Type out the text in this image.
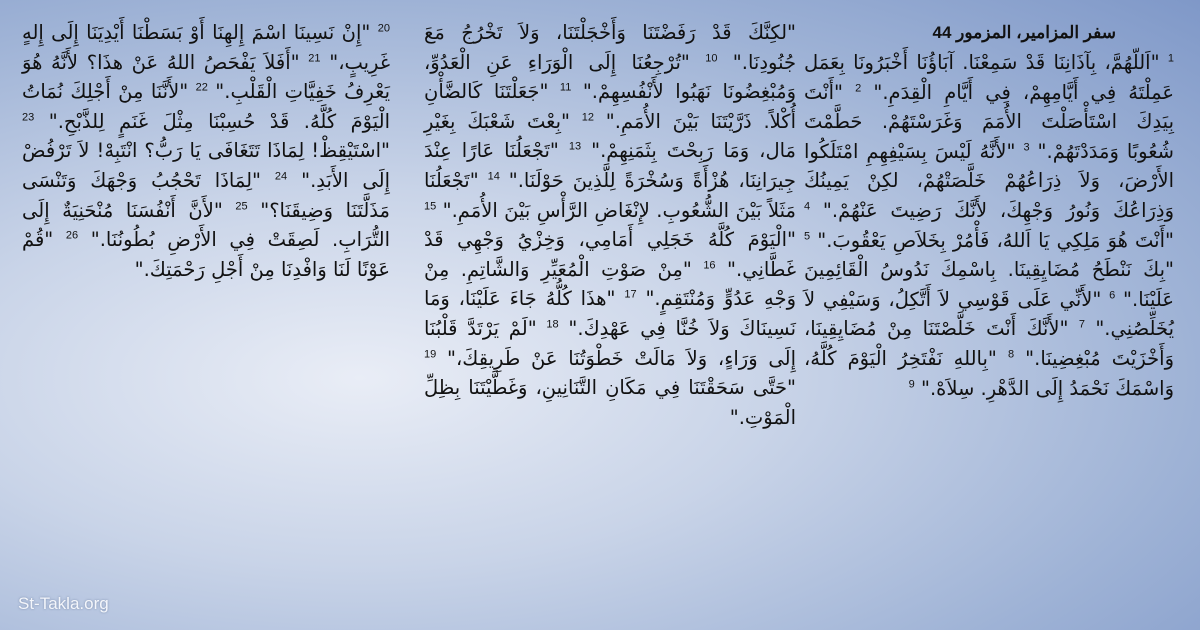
سفر المزامير، المزمور 44
$^1$ "اَللّهُمَّ، بِآذَانِنَا قَدْ سَمِعْنَا. آبَاؤُنَا أَخْبَرُونَا بِعَمَل عَمِلْتَهُ فِي أَيَّامِهِمْ، فِي أَيَّامِ الْقِدَمِ." $^2$ "أَنْتَ بِيَدِكَ اسْتَأْصَلْتَ الأُمَمَ وَغَرَسْتَهُمْ. حَطَّمْتَ شُعُوبًا وَمَدَدْتَهُمْ." $^3$ "لأَنَّهُ لَيْسَ بِسَيْفِهِمِ امْتَلَكُوا الأَرْضَ، وَلاَ ذِرَاعُهُمْ خَلَّصَتْهُمْ، لكِنْ يَمِينُكَ وَذِرَاعُكَ وَنُورُ وَجْهِكَ، لأَنَّكَ رَضِيتَ عَنْهُمْ." $^4$ "أَنْتَ هُوَ مَلِكِي يَا اَللهُ، فَأْمُرْ بِخَلاَصِ يَعْقُوبَ." $^5$ "بِكَ نَنْطَحُ مُضَايِقِينَا. بِاسْمِكَ نَدُوسُ الْقَائِمِينَ عَلَيْنَا." $^6$ "لأَنِّي عَلَى قَوْسِي لاَ أَتَّكِلُ، وَسَيْفِي لاَ يُخَلِّصُنِي." $^7$ "لأَنَّكَ أَنْتَ خَلَّصْتَنَا مِنْ مُضَايِقِينَا، وَأَخْزَيْتَ مُبْغِضِينَا." $^8$ "بِاللهِ نَفْتَخِرُ الْيَوْمَ كُلَّهُ، وَاسْمَكَ نَحْمَدُ إِلَى الدَّهْرِ. سِلاَهْ." $^9$
"لكِنَّكَ قَدْ رَفَضْتَنَا وَأَخْجَلْتَنَا، وَلاَ تَخْرُجُ مَعَ جُنُودِنَا." $^{10}$ "تُرْجِعُنَا إِلَى الْوَرَاءِ عَنِ الْعَدُوِّ، وَمُبْغِضُونَا نَهَبُوا لأَنْفُسِهِمْ." $^{11}$ "جَعَلْتَنَا كَالضَّأْنِ أُكْلاً. ذَرَّيْتَنَا بَيْنَ الأُمَمِ." $^{12}$ "بِعْتَ شَعْبَكَ بِغَيْرِ مَال، وَمَا رَبِحْتَ بِثَمَنِهِمْ." $^{13}$ "تَجْعَلُنَا عَارًا عِنْدَ جِيرَانِنَا، هُزْأَةً وَسُخْرَةً لِلَّذِينَ حَوْلَنَا." $^{14}$ "تَجْعَلُنَا مَثَلاً بَيْنَ الشُّعُوبِ. لإِنْغَاضِ الرَّأْسِ بَيْنَ الأُمَمِ." $^{15}$ "الْيَوْمَ كُلَّهُ خَجَلِي أَمَامِي، وَخِزْيُ وَجْهِي قَدْ غَطَّانِي." $^{16}$ "مِنْ صَوْتِ الْمُعَيِّرِ وَالشَّاتِمِ. مِنْ وَجْهِ عَدُوٍّ وَمُنْتَقِمٍ." $^{17}$ "هذَا كُلُّهُ جَاءَ عَلَيْنَا، وَمَا نَسِينَاكَ وَلاَ خُنَّا فِي عَهْدِكَ." $^{18}$ "لَمْ يَرْتَدَّ قَلْبُنَا إِلَى وَرَاءٍ، وَلاَ مَالَتْ خَطْوَتُنَا عَنْ طَرِيقِكَ،" $^{19}$ "حَتَّى سَحَقْتَنَا فِي مَكَانِ التَّنَانِينِ، وَغَطَّيْتَنَا بِظِلِّ الْمَوْتِ."
$^{20}$ "إِنْ نَسِينَا اسْمَ إِلهِنَا أَوْ بَسَطْنَا أَيْدِيَنَا إِلَى إِلهٍ غَرِيبٍ،" $^{21}$ "أَفَلاَ يَفْحَصُ اللهُ عَنْ هذَا؟ لأَنَّهُ هُوَ يَعْرِفُ خَفِيَّاتِ الْقَلْبِ." $^{22}$ "لأَنَّنَا مِنْ أَجْلِكَ نُمَاتُ الْيَوْمَ كُلَّهُ. قَدْ حُسِبْنَا مِثْلَ غَنَمٍ لِلذَّبْحِ." $^{23}$ "اسْتَيْقِظْ! لِمَاذَا تَتَغَافَى يَا رَبُّ؟ انْتَبِهْ! لاَ تَرْفُضْ إِلَى الأَبَدِ." $^{24}$ "لِمَاذَا تَحْجُبُ وَجْهَكَ وَتَنْسَى مَذَلَّتَنَا وَضِيقَنَا؟" $^{25}$ "لأَنَّ أَنْفُسَنَا مُنْحَنِيَةٌ إِلَى التُّرَابِ. لَصِقَتْ فِي الأَرْضِ بُطُونُنَا." $^{26}$ "قُمْ عَوْنًا لَنَا وَافْدِنَا مِنْ أَجْلِ رَحْمَتِكَ."
St-Takla.org
